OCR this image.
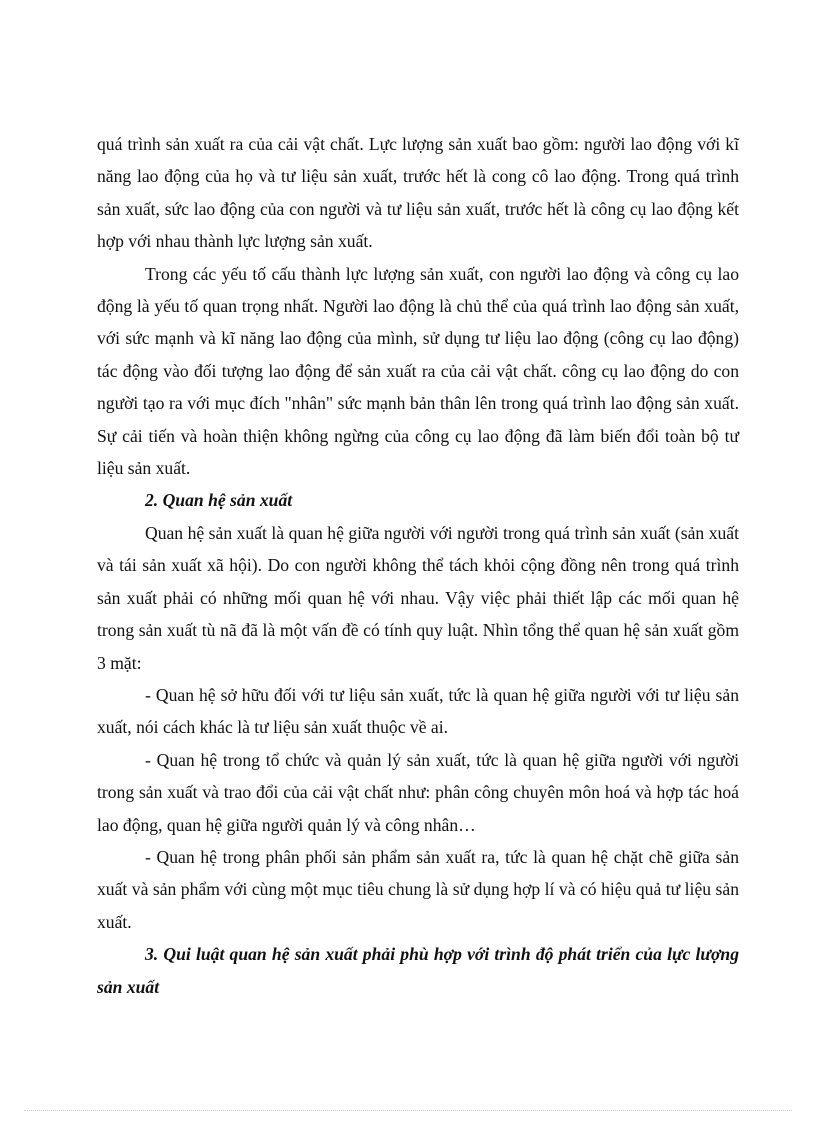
quá trình sản xuất ra của cải vật chất. Lực lượng sản xuất bao gồm: người lao động với kĩ năng lao động của họ và tư liệu sản xuất, trước hết là cong cô lao động. Trong quá trình sản xuất, sức lao động của con người và tư liệu sản xuất, trước hết là công cụ lao động kết hợp với nhau thành lực lượng sản xuất.

Trong các yếu tố cấu thành lực lượng sản xuất, con người lao động và công cụ lao động là yếu tố quan trọng nhất. Người lao động là chủ thể của quá trình lao động sản xuất, với sức mạnh và kĩ năng lao động của mình, sử dụng tư liệu lao động (công cụ lao động) tác động vào đối tượng lao động để sản xuất ra của cải vật chất. công cụ lao động do con người tạo ra với mục đích "nhân" sức mạnh bản thân lên trong quá trình lao động sản xuất. Sự cải tiến và hoàn thiện không ngừng của công cụ lao động đã làm biến đổi toàn bộ tư liệu sản xuất.

2. Quan hệ sản xuất

Quan hệ sản xuất là quan hệ giữa người với người trong quá trình sản xuất (sản xuất và tái sản xuất xã hội). Do con người không thể tách khỏi cộng đồng nên trong quá trình sản xuất phải có những mối quan hệ với nhau. Vậy việc phải thiết lập các mối quan hệ trong sản xuất tù nã đã là một vấn đề có tính quy luật. Nhìn tổng thể quan hệ sản xuất gồm 3 mặt:

- Quan hệ sở hữu đối với tư liệu sản xuất, tức là quan hệ giữa người với tư liệu sản xuất, nói cách khác là tư liệu sản xuất thuộc về ai.

- Quan hệ trong tổ chức và quản lý sản xuất, tức là quan hệ giữa người với người trong sản xuất và trao đổi của cải vật chất như: phân công chuyên môn hoá và hợp tác hoá lao động, quan hệ giữa người quản lý và công nhân…

- Quan hệ trong phân phối sản phẩm sản xuất ra, tức là quan hệ chặt chẽ giữa sản xuất và sản phẩm với cùng một mục tiêu chung là sử dụng hợp lí và có hiệu quả tư liệu sản xuất.

3. Qui luật quan hệ sản xuất phải phù hợp với trình độ phát triển của lực lượng sản xuất
